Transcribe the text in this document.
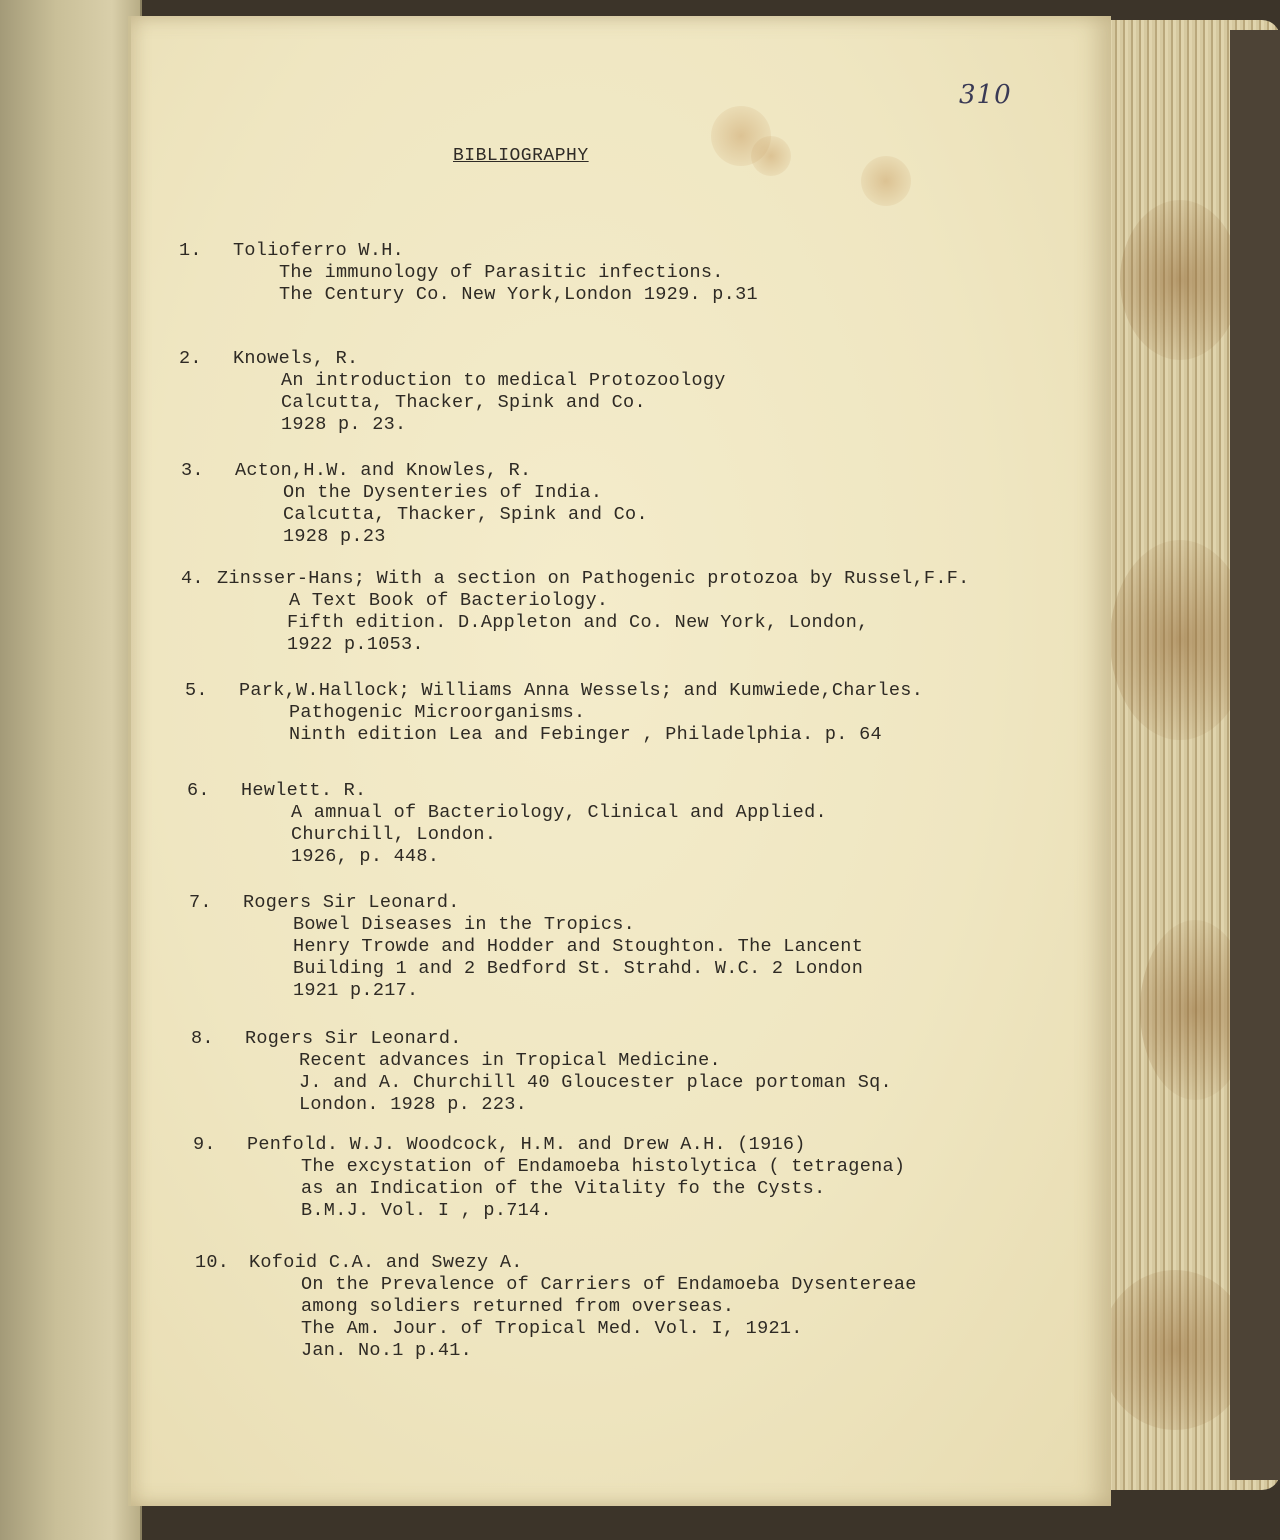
310
BIBLIOGRAPHY
1. Tolioferro W.H.
The immunology of Parasitic infections.
The Century Co. New York,London 1929. p.31
2. Knowels, R.
An introduction to medical Protozoology
Calcutta, Thacker, Spink and Co.
1928 p. 23.
3. Acton,H.W. and Knowles, R.
On the Dysenteries of India.
Calcutta, Thacker, Spink and Co.
1928 p.23
4. Zinsser-Hans; With a section on Pathogenic protozoa by Russel,F.F.
A Text Book of Bacteriology.
Fifth edition. D.Appleton and Co. New York, London,
1922 p.1053.
5. Park,W.Hallock; Williams Anna Wessels; and Kumwiede,Charles.
Pathogenic Microorganisms.
Ninth edition Lea and Febinger , Philadelphia. p. 64
6. Hewlett. R.
A amnual of Bacteriology, Clinical and Applied.
Churchill, London.
1926, p. 448.
7. Rogers Sir Leonard.
Bowel Diseases in the Tropics.
Henry Trowde and Hodder and Stoughton. The Lancent
Building 1 and 2 Bedford St. Strahd. W.C. 2 London
1921 p.217.
8. Rogers Sir Leonard.
Recent advances in Tropical Medicine.
J. and A. Churchill 40 Gloucester place portoman Sq.
London. 1928 p. 223.
9. Penfold. W.J. Woodcock, H.M. and Drew A.H. (1916)
The excystation of Endamoeba histolytica ( tetragena)
as an Indication of the Vitality fo the Cysts.
B.M.J. Vol. I , p.714.
10. Kofoid C.A. and Swezy A.
On the Prevalence of Carriers of Endamoeba Dysentereae
among soldiers returned from overseas.
The Am. Jour. of Tropical Med. Vol. I, 1921.
Jan. No.1 p.41.
